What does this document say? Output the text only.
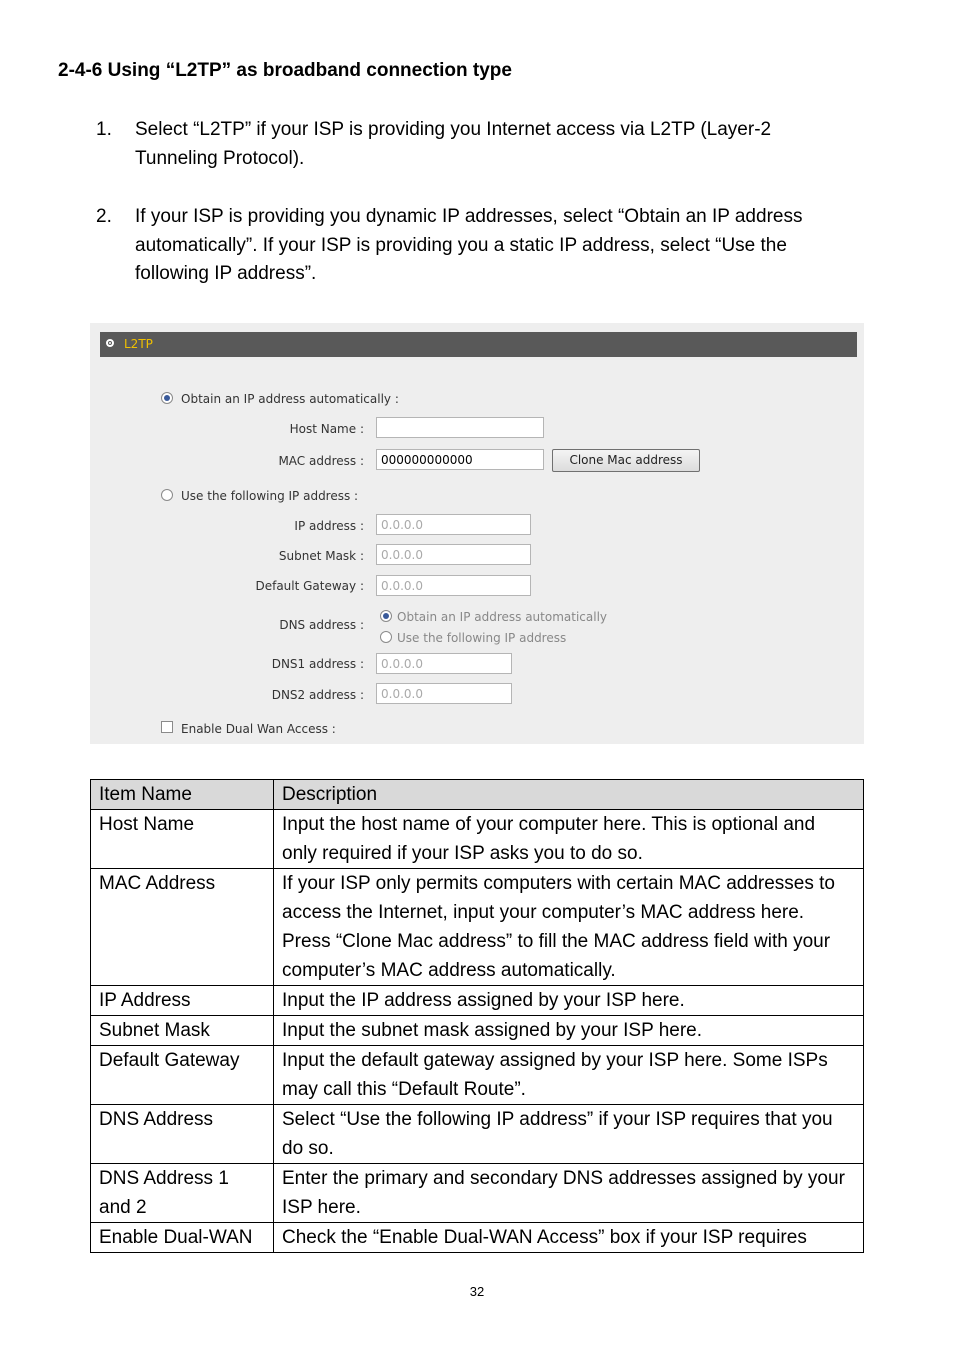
2-4-6 Using “L2TP” as broadband connection type
1. Select “L2TP” if your ISP is providing you Internet access via L2TP (Layer-2 Tunneling Protocol).
2. If your ISP is providing you dynamic IP addresses, select “Obtain an IP address automatically”. If your ISP is providing you a static IP address, select “Use the following IP address”.
L2TP
Obtain an IP address automatically :
Host Name :
MAC address :	000000000000	Clone Mac address
Use the following IP address :
IP address :	0.0.0.0
Subnet Mask :	0.0.0.0
Default Gateway :	0.0.0.0
DNS address :
Obtain an IP address automatically
Use the following IP address
DNS1 address :	0.0.0.0
DNS2 address :	0.0.0.0
Enable Dual Wan Access :
Item Name	Description
Host Name	Input the host name of your computer here. This is optional and only required if your ISP asks you to do so.
MAC Address	If your ISP only permits computers with certain MAC addresses to access the Internet, input your computer’s MAC address here. Press “Clone Mac address” to fill the MAC address field with your computer’s MAC address automatically.
IP Address	Input the IP address assigned by your ISP here.
Subnet Mask	Input the subnet mask assigned by your ISP here.
Default Gateway	Input the default gateway assigned by your ISP here. Some ISPs may call this “Default Route”.
DNS Address	Select “Use the following IP address” if your ISP requires that you do so.
DNS Address 1 and 2	Enter the primary and secondary DNS addresses assigned by your ISP here.
Enable Dual-WAN	Check the “Enable Dual-WAN Access” box if your ISP requires
32
